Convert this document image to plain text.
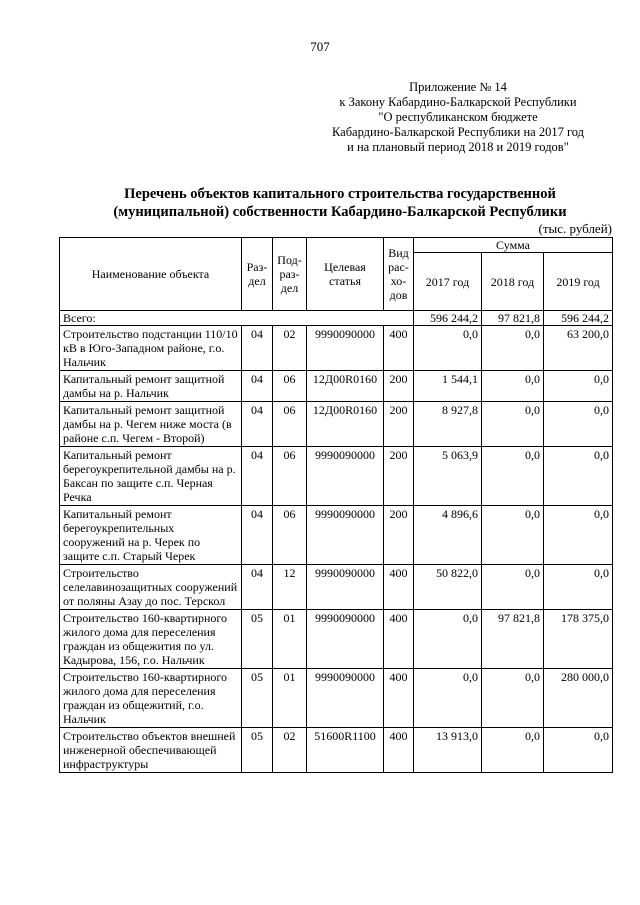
707
Приложение № 14
к Закону Кабардино-Балкарской Республики
"О республиканском бюджете
Кабардино-Балкарской Республики на 2017 год
и на плановый период 2018 и 2019 годов"
Перечень объектов капитального строительства государственной
(муниципальной) собственности Кабардино-Балкарской Республики
(тыс. рублей)
Наименование объекта	Раз-дел	Под-раз-дел	Целевая статья	Вид рас-хо-дов	Сумма		
					2017 год	2018 год	2019 год
Всего:					596 244,2	97 821,8	596 244,2
Строительство подстанции 110/10 кВ в Юго-Западном районе, г.о. Нальчик	04	02	9990090000	400	0,0	0,0	63 200,0
Капитальный ремонт защитной дамбы на р. Нальчик	04	06	12Д00R0160	200	1 544,1	0,0	0,0
Капитальный ремонт защитной дамбы на р. Чегем ниже моста (в районе с.п. Чегем - Второй)	04	06	12Д00R0160	200	8 927,8	0,0	0,0
Капитальный ремонт берегоукрепительной дамбы на р. Баксан по защите с.п. Черная Речка	04	06	9990090000	200	5 063,9	0,0	0,0
Капитальный ремонт берегоукрепительных сооружений на р. Черек по защите с.п. Старый Черек	04	06	9990090000	200	4 896,6	0,0	0,0
Строительство селелавинозащитных сооружений от поляны Азау до пос. Терскол	04	12	9990090000	400	50 822,0	0,0	0,0
Строительство 160-квартирного жилого дома для переселения граждан из общежития по ул. Кадырова, 156, г.о. Нальчик	05	01	9990090000	400	0,0	97 821,8	178 375,0
Строительство 160-квартирного жилого дома для переселения граждан из общежитий, г.о. Нальчик	05	01	9990090000	400	0,0	0,0	280 000,0
Строительство объектов внешней инженерной обеспечивающей инфраструктуры	05	02	51600R1100	400	13 913,0	0,0	0,0
